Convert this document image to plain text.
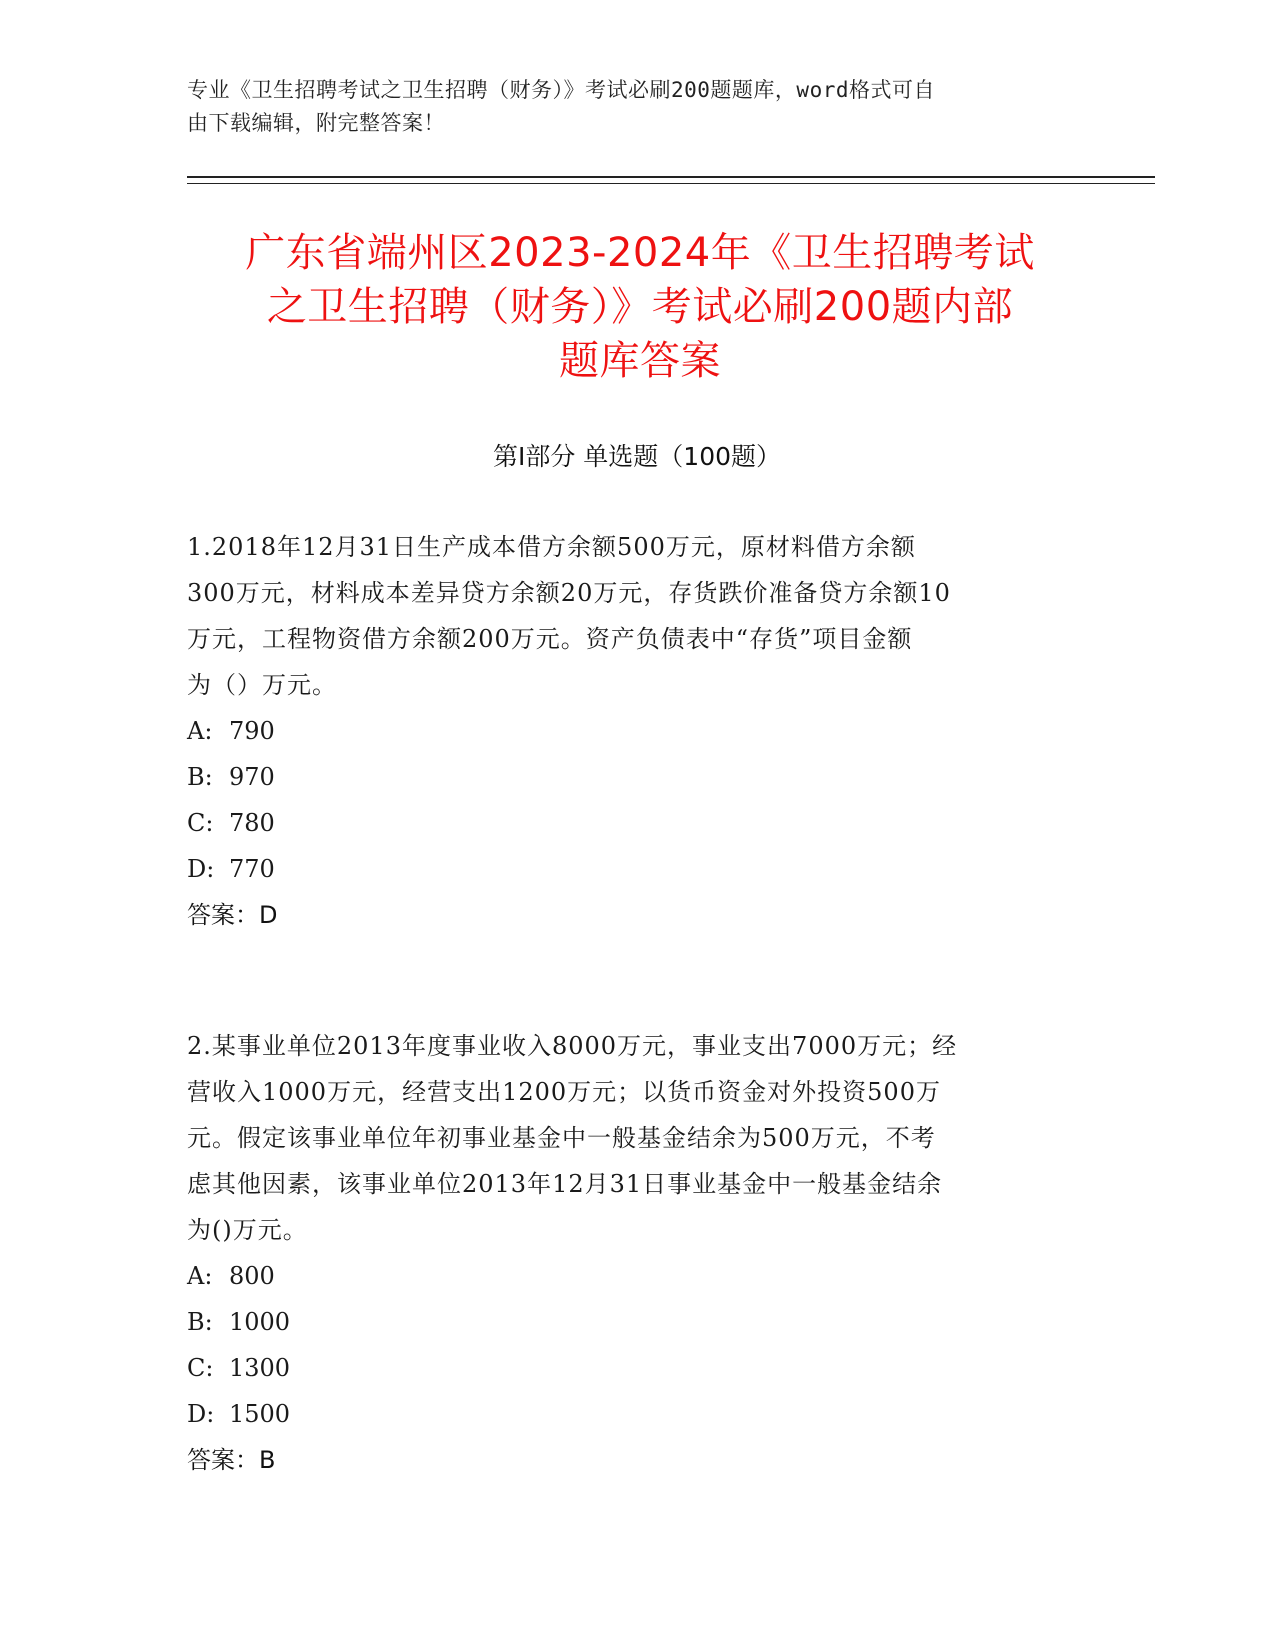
专业《卫生招聘考试之卫生招聘（财务）》考试必刷200题题库，word格式可自
由下载编辑，附完整答案！
广东省端州区2023-2024年《卫生招聘考试
之卫生招聘（财务）》考试必刷200题内部
题库答案
第Ⅰ部分 单选题（100题）
1.2018年12月31日生产成本借方余额500万元，原材料借方余额
300万元，材料成本差异贷方余额20万元，存货跌价准备贷方余额10
万元，工程物资借方余额200万元。资产负债表中“存货”项目金额
为（）万元。
A: 790
B: 970
C: 780
D: 770
答案：D
2.某事业单位2013年度事业收入8000万元，事业支出7000万元；经
营收入1000万元，经营支出1200万元；以货币资金对外投资500万
元。假定该事业单位年初事业基金中一般基金结余为500万元，不考
虑其他因素，该事业单位2013年12月31日事业基金中一般基金结余
为()万元。
A: 800
B: 1000
C: 1300
D: 1500
答案：B
